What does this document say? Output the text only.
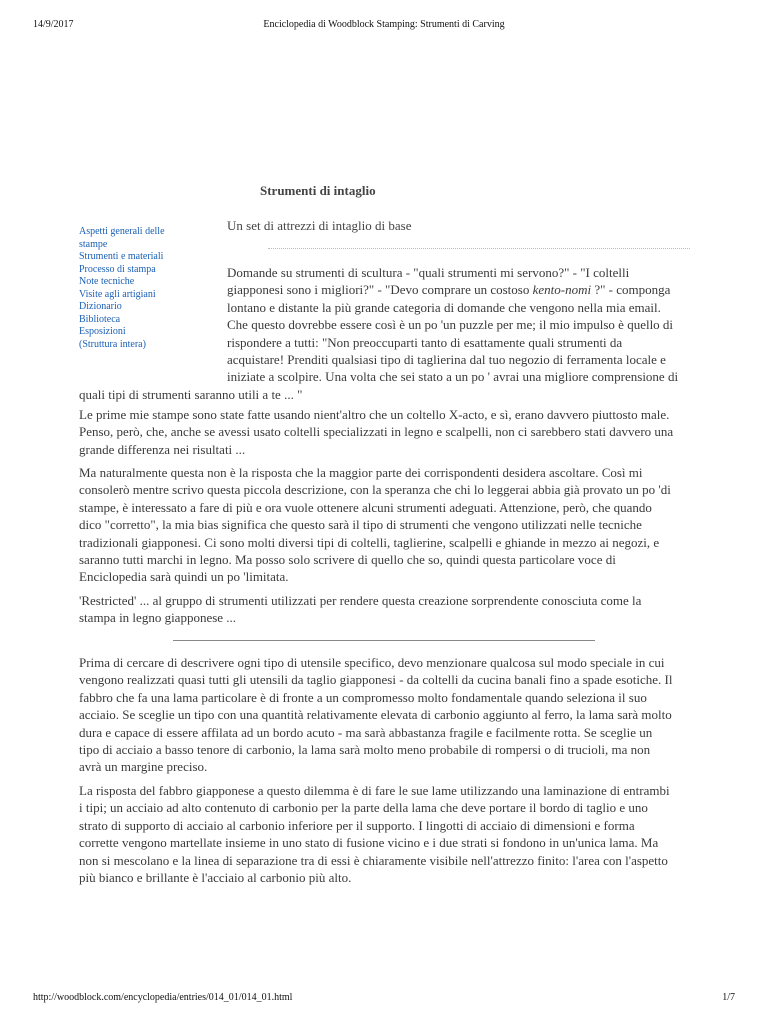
14/9/2017	Enciclopedia di Woodblock Stamping: Strumenti di Carving
Strumenti di intaglio
Aspetti generali delle stampe
Strumenti e materiali
Processo di stampa
Note tecniche
Visite agli artigiani
Dizionario
Biblioteca
Esposizioni
(Struttura intera)
Un set di attrezzi di intaglio di base

Domande su strumenti di scultura - "quali strumenti mi servono?" - "I coltelli
giapponesi sono i migliori?" - "Devo comprare un costoso kento-nomi ?" - componga
lontano e distante la più grande categoria di domande che vengono nella mia email.
Che questo dovrebbe essere così è un po 'un puzzle per me; il mio impulso è quello di
rispondere a tutti: "Non preoccuparti tanto di esattamente quali strumenti da
acquistare! Prenditi qualsiasi tipo di taglierina dal tuo negozio di ferramenta locale e
iniziate a scolpire. Una volta che sei stato a un po ' avrai una migliore comprensione di
quali tipi di strumenti saranno utili a te ... "

Le prime mie stampe sono state fatte usando nient'altro che un coltello X-acto, e sì, erano davvero piuttosto male.
Penso, però, che, anche se avessi usato coltelli specializzati in legno e scalpelli, non ci sarebbero stati davvero una
grande differenza nei risultati ...

Ma naturalmente questa non è la risposta che la maggior parte dei corrispondenti desidera ascoltare. Così mi
consolerò mentre scrivo questa piccola descrizione, con la speranza che chi lo leggerai abbia già provato un po 'di
stampe, è interessato a fare di più e ora vuole ottenere alcuni strumenti adeguati. Attenzione, però, che quando
dico "corretto", la mia bias significa che questo sarà il tipo di strumenti che vengono utilizzati nelle tecniche
tradizionali giapponesi. Ci sono molti diversi tipi di coltelli, taglierine, scalpelli e ghiande in mezzo ai negozi, e
saranno tutti marchi in legno. Ma posso solo scrivere di quello che so, quindi questa particolare voce di
Enciclopedia sarà quindi un po 'limitata.

'Restricted' ... al gruppo di strumenti utilizzati per rendere questa creazione sorprendente conosciuta come la
stampa in legno giapponese ...

Prima di cercare di descrivere ogni tipo di utensile specifico, devo menzionare qualcosa sul modo speciale in cui
vengono realizzati quasi tutti gli utensili da taglio giapponesi - da coltelli da cucina banali fino a spade esotiche. Il
fabbro che fa una lama particolare è di fronte a un compromesso molto fondamentale quando seleziona il suo
acciaio. Se sceglie un tipo con una quantità relativamente elevata di carbonio aggiunto al ferro, la lama sarà molto
dura e capace di essere affilata ad un bordo acuto - ma sarà abbastanza fragile e facilmente rotta. Se sceglie un
tipo di acciaio a basso tenore di carbonio, la lama sarà molto meno probabile di rompersi o di trucioli, ma non
avrà un margine preciso.

La risposta del fabbro giapponese a questo dilemma è di fare le sue lame utilizzando una laminazione di entrambi
i tipi; un acciaio ad alto contenuto di carbonio per la parte della lama che deve portare il bordo di taglio e uno
strato di supporto di acciaio al carbonio inferiore per il supporto. I lingotti di acciaio di dimensioni e forma
corrette vengono martellate insieme in uno stato di fusione vicino e i due strati si fondono in un'unica lama. Ma
non si mescolano e la linea di separazione tra di essi è chiaramente visibile nell'attrezzo finito: l'area con l'aspetto
più bianco e brillante è l'acciaio al carbonio più alto.

http://woodblock.com/encyclopedia/entries/014_01/014_01.html	1/7
